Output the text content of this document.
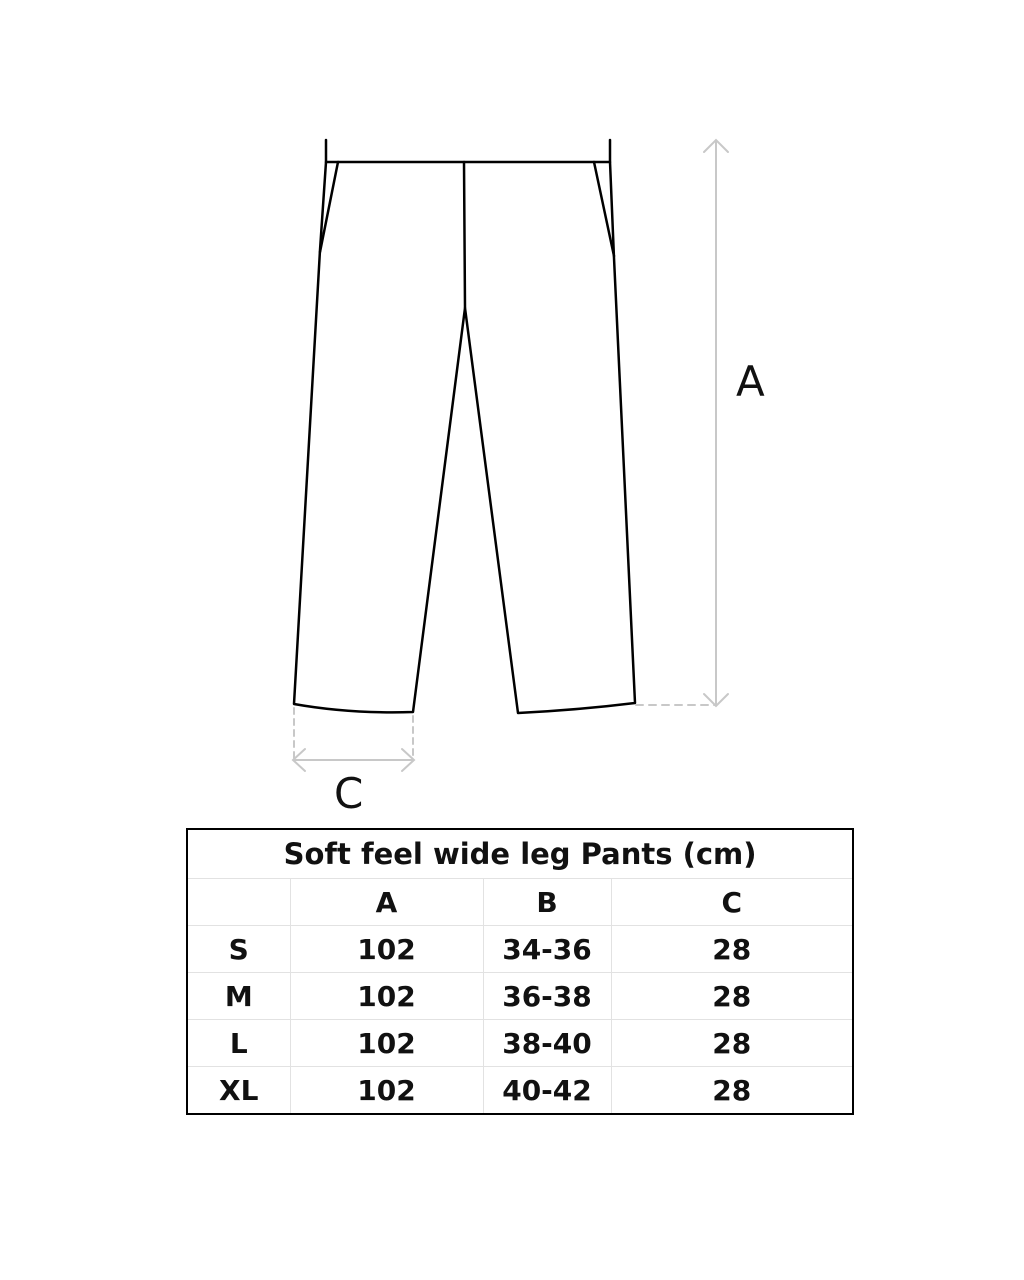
A
C
Soft feel wide leg Pants (cm)			
	A	B	C
S	102	34-36	28
M	102	36-38	28
L	102	38-40	28
XL	102	40-42	28
